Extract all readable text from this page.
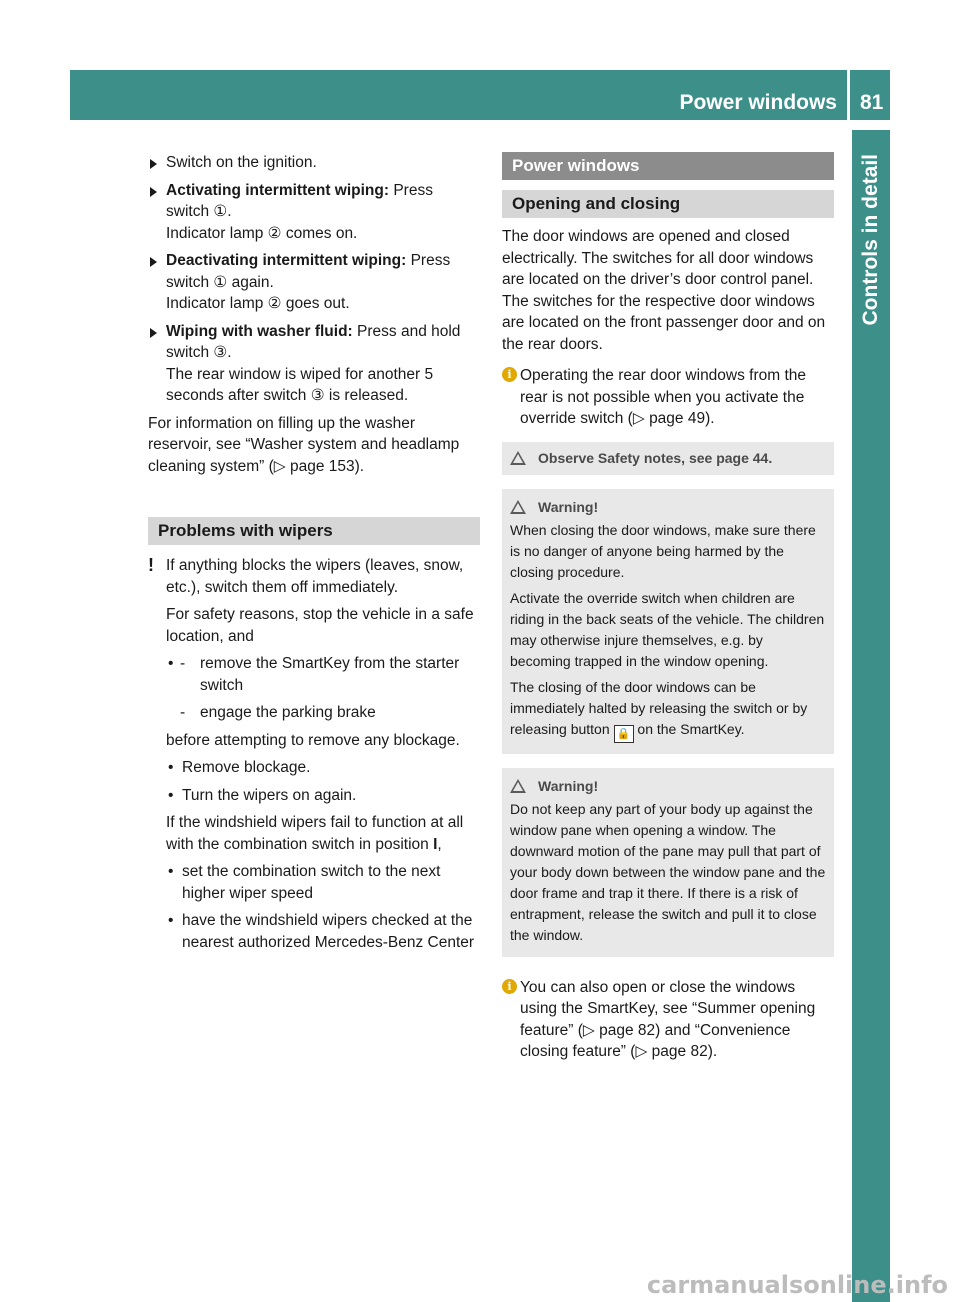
Power windows	81
Controls in detail
Switch on the ignition.
Activating intermittent wiping: Press switch ①.
Indicator lamp ② comes on.
Deactivating intermittent wiping: Press switch ① again.
Indicator lamp ② goes out.
Wiping with washer fluid: Press and hold switch ③.
The rear window is wiped for another 5 seconds after switch ③ is released.

For information on filling up the washer reservoir, see “Washer system and headlamp cleaning system” (▷ page 153).

Problems with wipers
! If anything blocks the wipers (leaves, snow, etc.), switch them off immediately.

For safety reasons, stop the vehicle in a safe location, and

• - remove the SmartKey from the starter switch
- engage the parking brake

before attempting to remove any blockage.

• Remove blockage.
• Turn the wipers on again.

If the windshield wipers fail to function at all with the combination switch in position I,

• set the combination switch to the next higher wiper speed
• have the windshield wipers checked at the nearest authorized Mercedes-Benz Center
Power windows
Opening and closing

The door windows are opened and closed electrically. The switches for all door windows are located on the driver’s door control panel. The switches for the respective door windows are located on the front passenger door and on the rear doors.

i Operating the rear door windows from the rear is not possible when you activate the override switch (▷ page 49).
Observe Safety notes, see page 44.
Warning!

When closing the door windows, make sure there is no danger of anyone being harmed by the closing procedure.

Activate the override switch when children are riding in the back seats of the vehicle. The children may otherwise injure themselves, e.g. by becoming trapped in the window opening.

The closing of the door windows can be immediately halted by releasing the switch or by releasing button 🔒 on the SmartKey.

Warning!

Do not keep any part of your body up against the window pane when opening a window. The downward motion of the pane may pull that part of your body down between the window pane and the door frame and trap it there. If there is a risk of entrapment, release the switch and pull it to close the window.

i You can also open or close the windows using the SmartKey, see “Summer opening feature” (▷ page 82) and “Convenience closing feature” (▷ page 82).
carmanualsonline.info
